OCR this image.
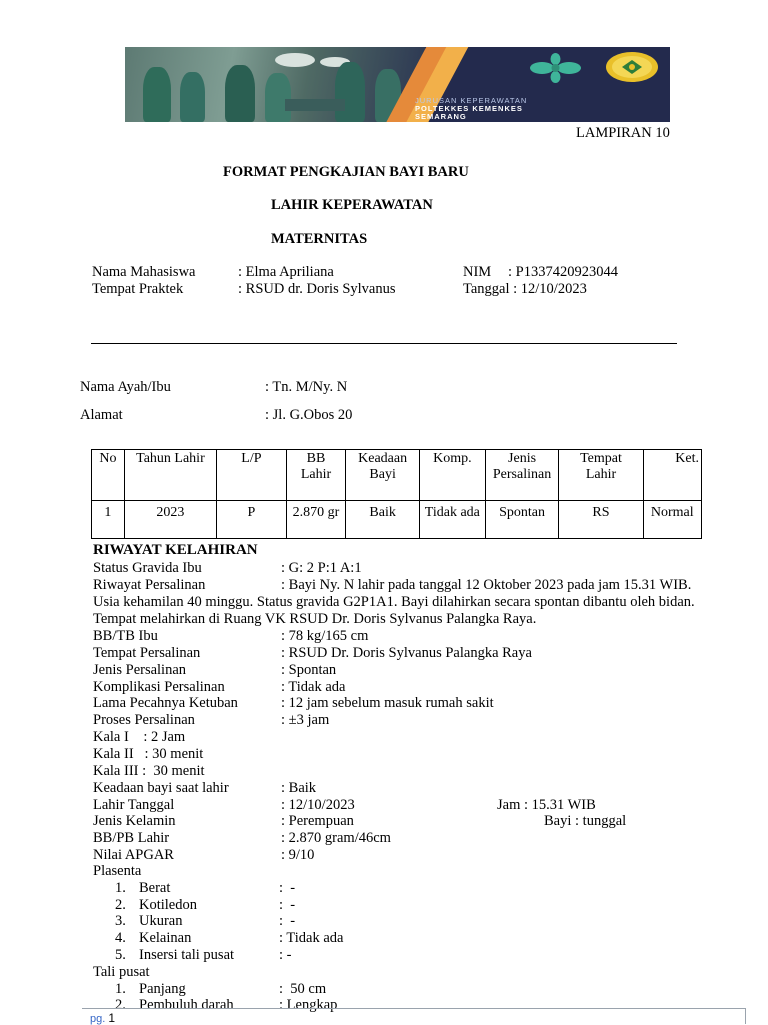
JURUSAN KEPERAWATAN
POLTEKKES KEMENKES
SEMARANG
LAMPIRAN 10
FORMAT PENGKAJIAN BAYI BARU
LAHIR KEPERAWATAN
MATERNITAS
Nama Mahasiswa	: Elma Apriliana	NIM : P1337420923044
Tempat Praktek	: RSUD dr. Doris Sylvanus	Tanggal : 12/10/2023
Nama Ayah/Ibu	: Tn. M/Ny. N
Alamat	: Jl. G.Obos 20
No	Tahun Lahir	L/P	BB Lahir	Keadaan Bayi	Komp.	Jenis Persalinan	Tempat Lahir	Ket.
1	2023	P	2.870 gr	Baik	Tidak ada	Spontan	RS	Normal
RIWAYAT KELAHIRAN
Status Gravida Ibu	: G: 2 P:1 A:1
Riwayat Persalinan	: Bayi Ny. N lahir pada tanggal 12 Oktober 2023 pada jam 15.31 WIB.
Usia kehamilan 40 minggu. Status gravida G2P1A1. Bayi dilahirkan secara spontan dibantu oleh bidan.
Tempat melahirkan di Ruang VK RSUD Dr. Doris Sylvanus Palangka Raya.
BB/TB Ibu	: 78 kg/165 cm
Tempat Persalinan	: RSUD Dr. Doris Sylvanus Palangka Raya
Jenis Persalinan	: Spontan
Komplikasi Persalinan	: Tidak ada
Lama Pecahnya Ketuban	: 12 jam sebelum masuk rumah sakit
Proses Persalinan	: ±3 jam
Kala I    : 2 Jam
Kala II   : 30 menit
Kala III :  30 menit
Keadaan bayi saat lahir	: Baik
Lahir Tanggal	: 12/10/2023	Jam : 15.31 WIB
Jenis Kelamin	: Perempuan	Bayi : tunggal
BB/PB Lahir	: 2.870 gram/46cm
Nilai APGAR	: 9/10
Plasenta
1. Berat	:  -
2. Kotiledon	:  -
3. Ukuran	:  -
4. Kelainan	: Tidak ada
5. Insersi tali pusat	: -
Tali pusat
1. Panjang	:  50 cm
2. Pembuluh darah	: Lengkap
pg. 1
